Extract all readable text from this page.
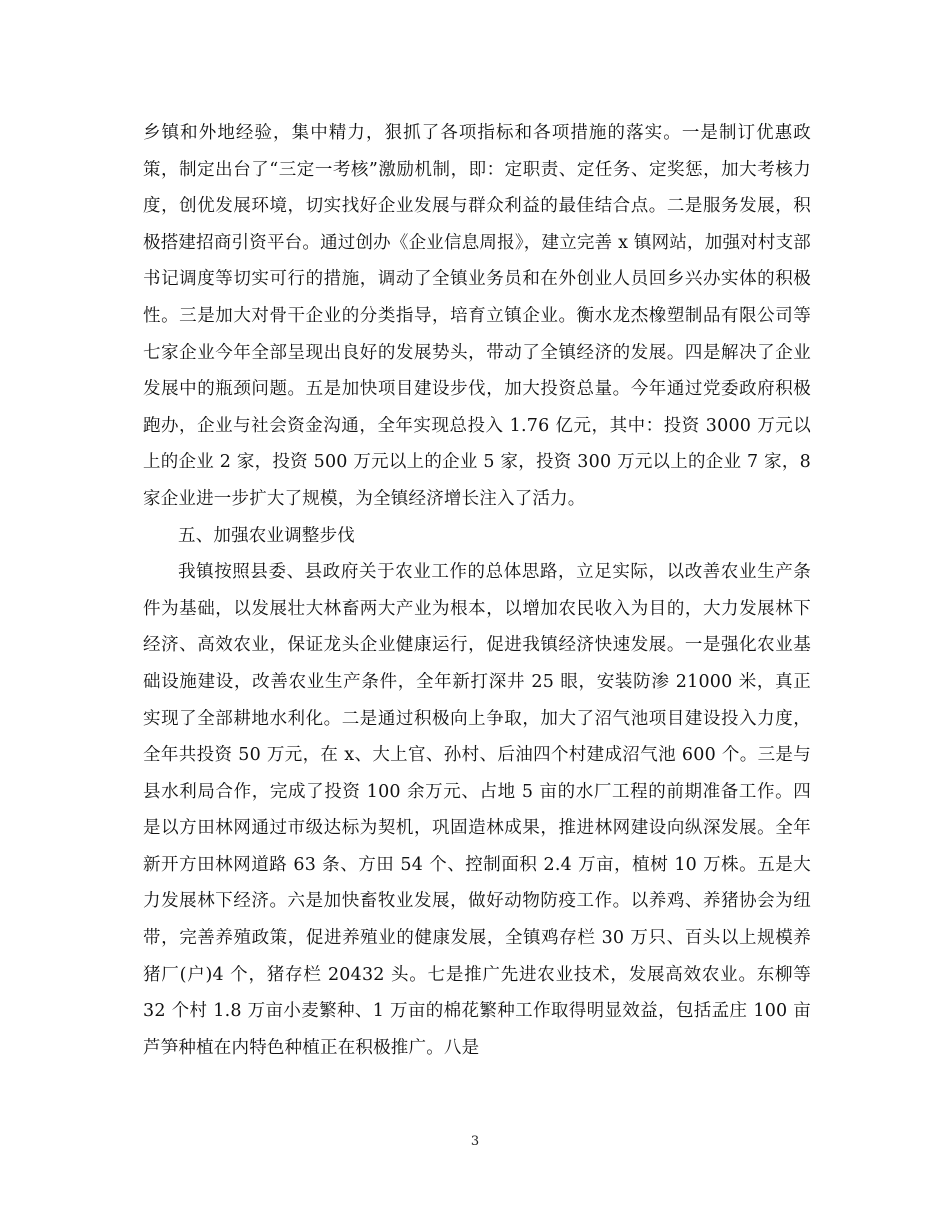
乡镇和外地经验，集中精力，狠抓了各项指标和各项措施的落实。一是制订优惠政策，制定出台了“三定一考核”激励机制，即：定职责、定任务、定奖惩，加大考核力度，创优发展环境，切实找好企业发展与群众利益的最佳结合点。二是服务发展，积极搭建招商引资平台。通过创办《企业信息周报》，建立完善 x 镇网站，加强对村支部书记调度等切实可行的措施，调动了全镇业务员和在外创业人员回乡兴办实体的积极性。三是加大对骨干企业的分类指导，培育立镇企业。衡水龙杰橡塑制品有限公司等七家企业今年全部呈现出良好的发展势头，带动了全镇经济的发展。四是解决了企业发展中的瓶颈问题。五是加快项目建设步伐，加大投资总量。今年通过党委政府积极跑办，企业与社会资金沟通，全年实现总投入 1.76 亿元，其中：投资 3000 万元以上的企业 2 家，投资 500 万元以上的企业 5 家，投资 300 万元以上的企业 7 家，8 家企业进一步扩大了规模，为全镇经济增长注入了活力。

五、加强农业调整步伐

我镇按照县委、县政府关于农业工作的总体思路，立足实际，以改善农业生产条件为基础，以发展壮大林畜两大产业为根本，以增加农民收入为目的，大力发展林下经济、高效农业，保证龙头企业健康运行，促进我镇经济快速发展。一是强化农业基础设施建设，改善农业生产条件，全年新打深井 25 眼，安装防渗 21000 米，真正实现了全部耕地水利化。二是通过积极向上争取，加大了沼气池项目建设投入力度，全年共投资 50 万元，在 x、大上官、孙村、后油四个村建成沼气池 600 个。三是与县水利局合作，完成了投资 100 余万元、占地 5 亩的水厂工程的前期准备工作。四是以方田林网通过市级达标为契机，巩固造林成果，推进林网建设向纵深发展。全年新开方田林网道路 63 条、方田 54 个、控制面积 2.4 万亩，植树 10 万株。五是大力发展林下经济。六是加快畜牧业发展，做好动物防疫工作。以养鸡、养猪协会为纽带，完善养殖政策，促进养殖业的健康发展，全镇鸡存栏 30 万只、百头以上规模养猪厂(户)4 个，猪存栏 20432 头。七是推广先进农业技术，发展高效农业。东柳等 32 个村 1.8 万亩小麦繁种、1 万亩的棉花繁种工作取得明显效益，包括孟庄 100 亩芦笋种植在内特色种植正在积极推广。八是

3
